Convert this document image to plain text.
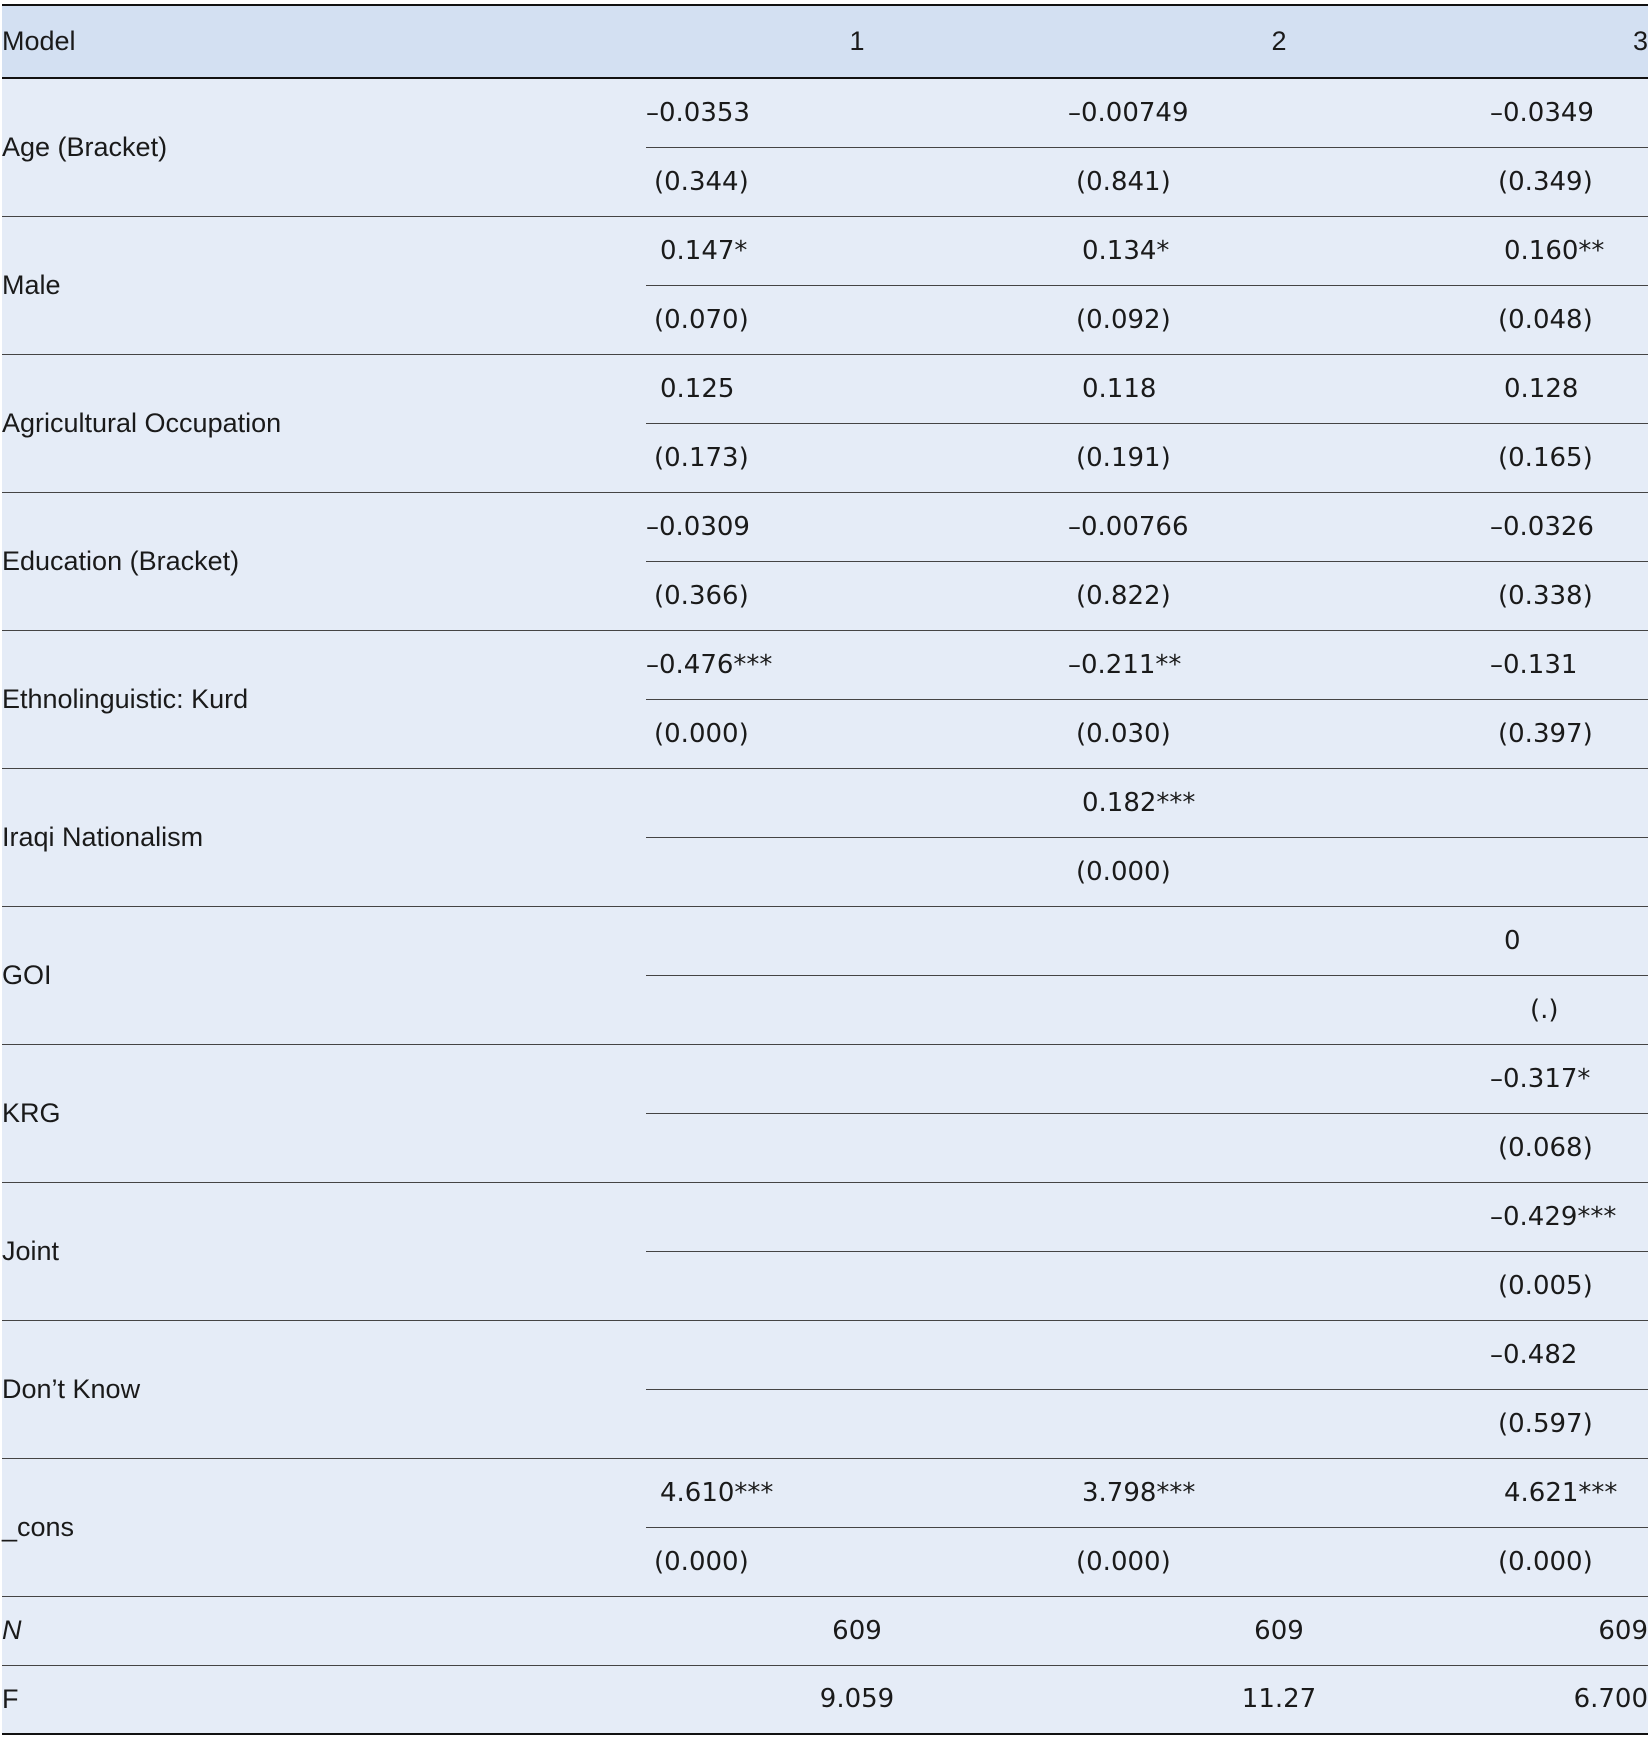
Model	1	2	3
Age (Bracket)	–0.0353	–0.00749	–0.0349
	(0.344)	(0.841)	(0.349)
Male	0.147*	0.134*	0.160**
	(0.070)	(0.092)	(0.048)
Agricultural Occupation	0.125	0.118	0.128
	(0.173)	(0.191)	(0.165)
Education (Bracket)	–0.0309	–0.00766	–0.0326
	(0.366)	(0.822)	(0.338)
Ethnolinguistic: Kurd	–0.476***	–0.211**	–0.131
	(0.000)	(0.030)	(0.397)
Iraqi Nationalism		0.182***	
		(0.000)	
GOI			0
			(.)
KRG			–0.317*
			(0.068)
Joint			–0.429***
			(0.005)
Don’t Know			–0.482
			(0.597)
_cons	4.610***	3.798***	4.621***
	(0.000)	(0.000)	(0.000)
N	609	609	609
F	9.059	11.27	6.700
